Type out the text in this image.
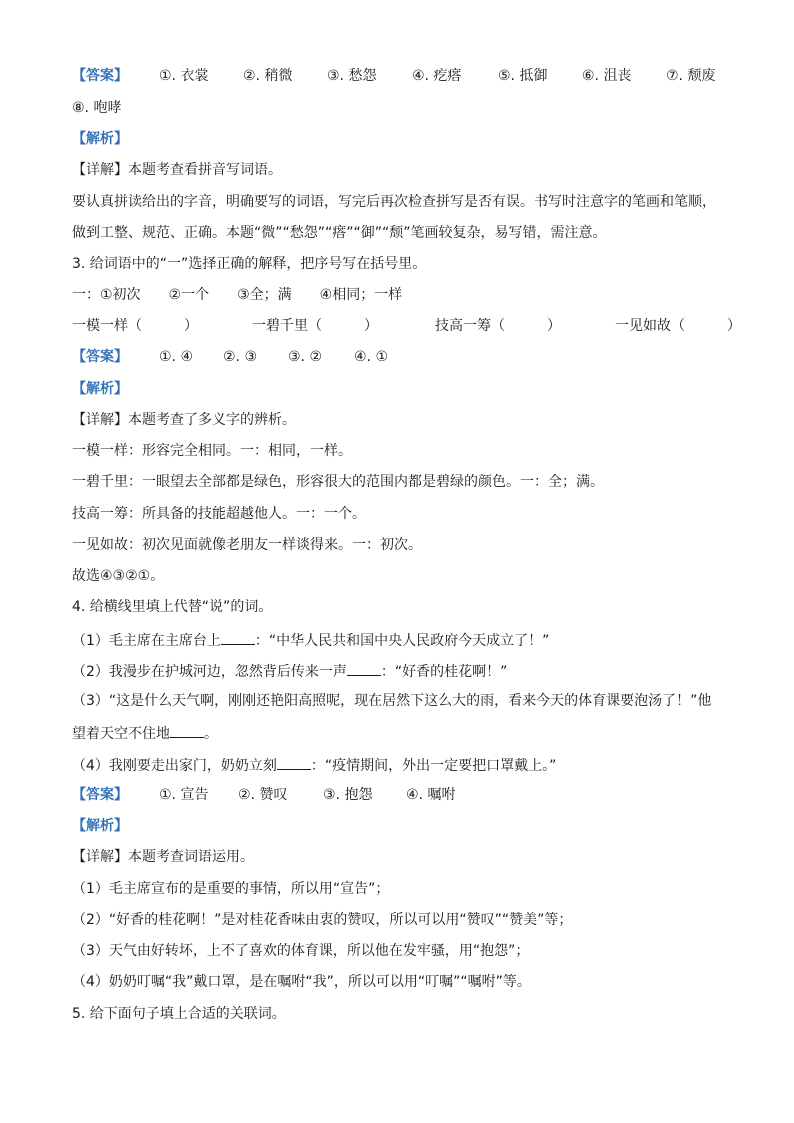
【答案】 ①. 衣裳 ②. 稍微 ③. 愁怨	④. 疙瘩	⑤. 抵御 ⑥. 沮丧 ⑦. 颓废
⑧. 咆哮
【解析】
【详解】本题考查看拼音写词语。
要认真拼读给出的字音，明确要写的词语，写完后再次检查拼写是否有误。书写时注意字的笔画和笔顺，
做到工整、规范、正确。本题“微”“愁怨”“瘩”“御”“颓”笔画较复杂，易写错，需注意。
3. 给词语中的“一”选择正确的解释，把序号写在括号里。
一：①初次　　②一个　　③全；满　　④相同；一样
一模一样（　　　）	一碧千里（　　　）	技高一筹（　　　）	一见如故（　　　）
【答案】 ①. ④ ②. ③ ③. ② ④. ①
【解析】
【详解】本题考查了多义字的辨析。
一模一样：形容完全相同。一：相同，一样。
一碧千里：一眼望去全部都是绿色，形容很大的范围内都是碧绿的颜色。一：全；满。
技高一筹：所具备的技能超越他人。一：一个。
一见如故：初次见面就像老朋友一样谈得来。一：初次。
故选④③②①。
4. 给横线里填上代替“说”的词。
（1）毛主席在主席台上 ：“中华人民共和国中央人民政府今天成立了！”
（2）我漫步在护城河边，忽然背后传来一声 ：“好香的桂花啊！”
（3）“这是什么天气啊，刚刚还艳阳高照呢，现在居然下这么大的雨，看来今天的体育课要泡汤了！”他
望着天空不住地 。
（4）我刚要走出家门，奶奶立刻 ：“疫情期间，外出一定要把口罩戴上。”
【答案】 ①. 宣告 ②. 赞叹	③. 抱怨 ④. 嘱咐
【解析】
【详解】本题考查词语运用。
（1）毛主席宣布的是重要的事情，所以用“宣告”；
（2）“好香的桂花啊！”是对桂花香味由衷的赞叹，所以可以用“赞叹”“赞美”等；
（3）天气由好转坏，上不了喜欢的体育课，所以他在发牢骚，用“抱怨”；
（4）奶奶叮嘱“我”戴口罩，是在嘱咐“我”，所以可以用“叮嘱”“嘱咐”等。
5. 给下面句子填上合适的关联词。
